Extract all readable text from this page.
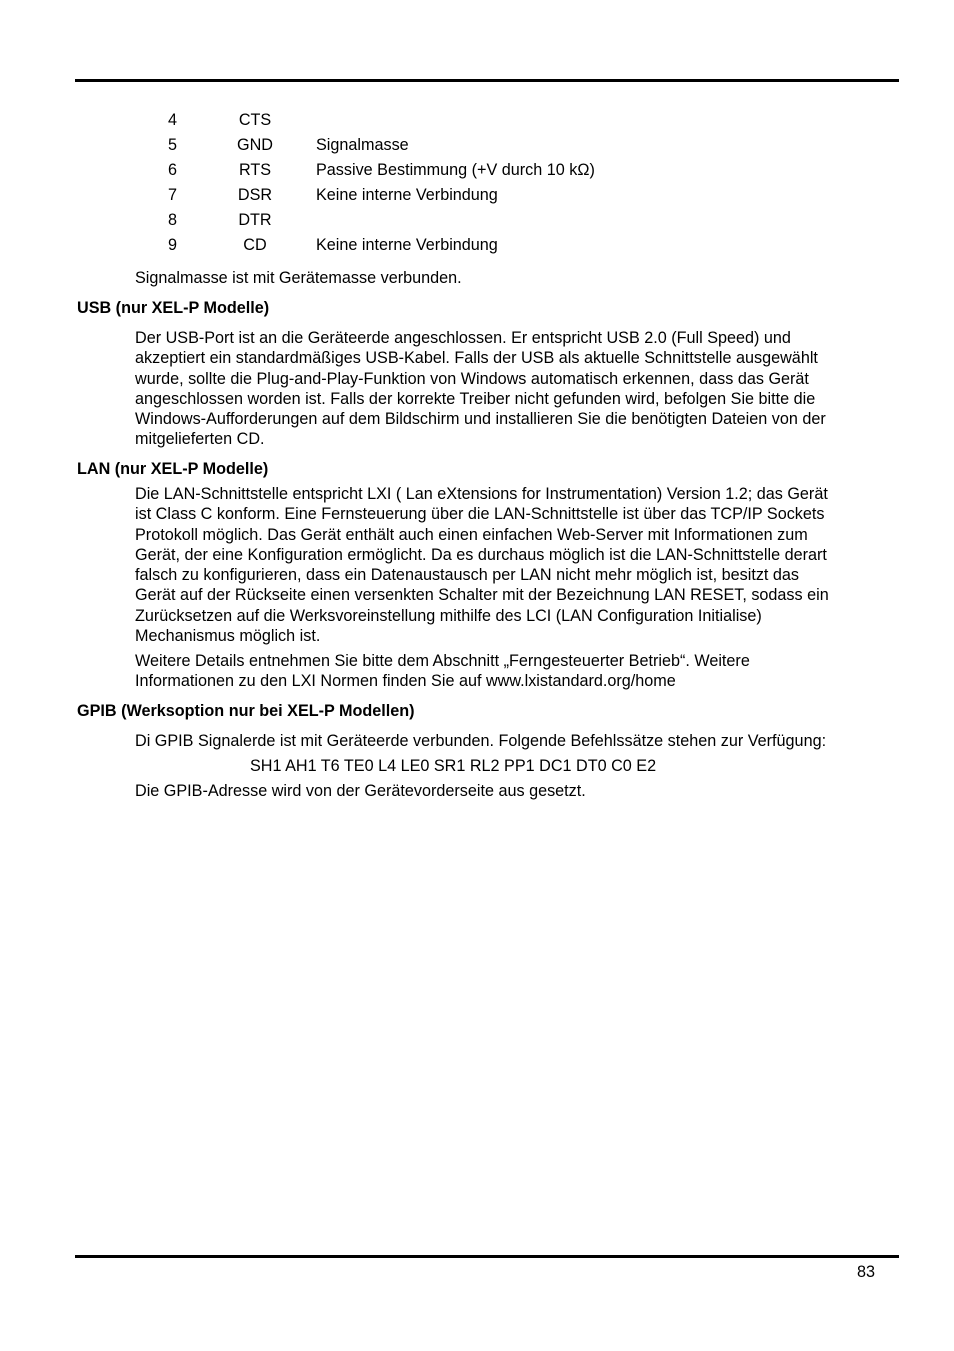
4	CTS
5	GND	Signalmasse
6	RTS	Passive Bestimmung (+V durch 10 kΩ)
7	DSR	Keine interne Verbindung
8	DTR
9	CD	Keine interne Verbindung

Signalmasse ist mit Gerätemasse verbunden.

USB (nur XEL-P Modelle)
Der USB-Port ist an die Geräteerde angeschlossen. Er entspricht USB 2.0 (Full Speed) und
akzeptiert ein standardmäßiges USB-Kabel. Falls der USB als aktuelle Schnittstelle ausgewählt
wurde, sollte die Plug-and-Play-Funktion von Windows automatisch erkennen, dass das Gerät
angeschlossen worden ist. Falls der korrekte Treiber nicht gefunden wird, befolgen Sie bitte die
Windows-Aufforderungen auf dem Bildschirm und installieren Sie die benötigten Dateien von der
mitgelieferten CD.
LAN (nur XEL-P Modelle)
Die LAN-Schnittstelle entspricht LXI ( Lan eXtensions for Instrumentation) Version 1.2; das Gerät
ist Class C konform. Eine Fernsteuerung über die LAN-Schnittstelle ist über das TCP/IP Sockets
Protokoll möglich. Das Gerät enthält auch einen einfachen Web-Server mit Informationen zum
Gerät, der eine Konfiguration ermöglicht. Da es durchaus möglich ist die LAN-Schnittstelle derart
falsch zu konfigurieren, dass ein Datenaustausch per LAN nicht mehr möglich ist, besitzt das
Gerät auf der Rückseite einen versenkten Schalter mit der Bezeichnung LAN RESET, sodass ein
Zurücksetzen auf die Werksvoreinstellung mithilfe des LCI (LAN Configuration Initialise)
Mechanismus möglich ist.
Weitere Details entnehmen Sie bitte dem Abschnitt „Ferngesteuerter Betrieb“. Weitere
Informationen zu den LXI Normen finden Sie auf www.lxistandard.org/home
GPIB (Werksoption nur bei XEL-P Modellen)

Di GPIB Signalerde ist mit Geräteerde verbunden. Folgende Befehlssätze stehen zur Verfügung:

SH1 AH1 T6 TE0 L4 LE0 SR1 RL2 PP1 DC1 DT0 C0 E2

Die GPIB-Adresse wird von der Gerätevorderseite aus gesetzt.

83
